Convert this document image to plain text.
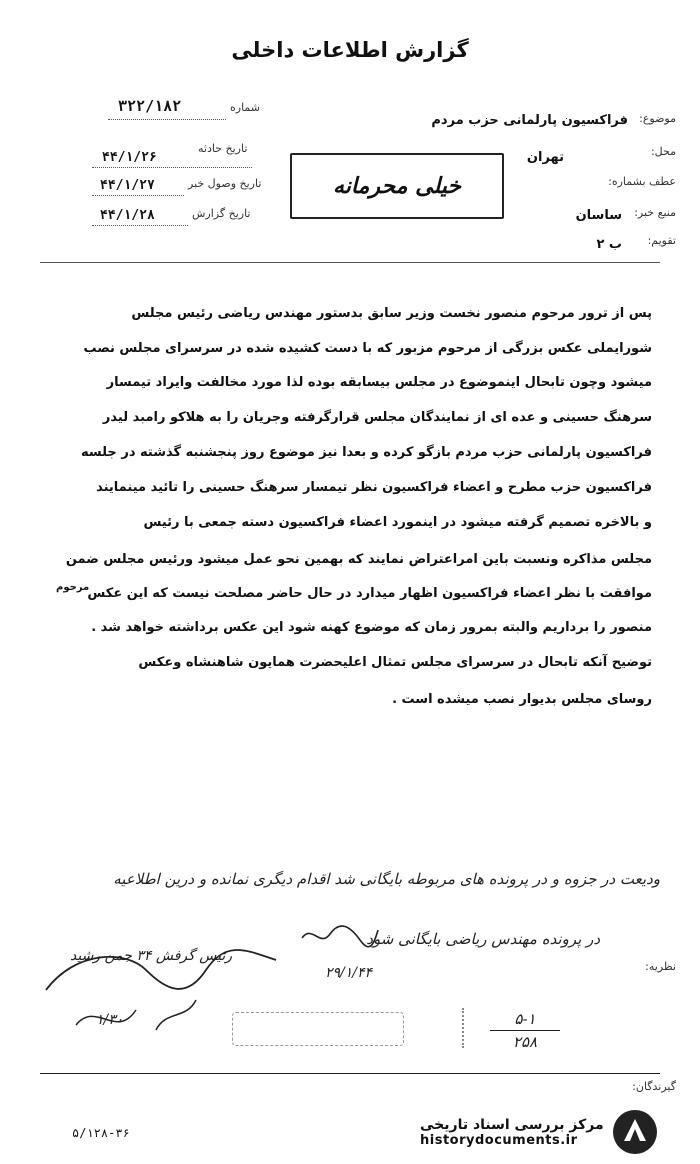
گزارش اطلاعات داخلی
موضوع:
فراکسیون پارلمانی حزب مردم
محل:
تهران
عطف بشماره:
منبع خبر:
ساسان
تقویم:
ب ۲
شماره
۳۲۲/۱۸۲
تاریخ حادثه
۴۴/۱/۲۶
تاریخ وصول خبر
۴۴/۱/۲۷
تاریخ گزارش
۴۴/۱/۲۸
خیلی محرمانه
پس از ترور مرحوم منصور نخست وزیر سابق بدستور مهندس ریاضی رئیس مجلس
شورایملی عکس بزرگی از مرحوم مزبور که با دست کشیده شده در سرسرای مجلس نصب
میشود وچون تابحال اینموضوع در مجلس بیسابقه بوده لذا مورد مخالفت وایراد تیمسار
سرهنگ حسینی و عده ای از نمایندگان مجلس قرارگرفته وجریان را به هلاکو رامبد لیدر
فراکسیون پارلمانی حزب مردم بازگو کرده و بعدا نیز موضوع روز پنجشنبه گذشته در جلسه
فراکسیون حزب مطرح و اعضاء فراکسیون نظر تیمسار سرهنگ حسینی را تائید مینمایند
و بالاخره تصمیم گرفته میشود در اینمورد اعضاء فراکسیون دسته جمعی با رئیس
مجلس مذاکره ونسبت باین امراعتراض نمایند که بهمین نحو عمل میشود ورئیس مجلس ضمن
موافقت با نظر اعضاء فراکسیون اظهار میدارد در حال حاضر مصلحت نیست که این عکس
منصور را برداریم والبته بمرور زمان که موضوع کهنه شود این عکس برداشته خواهد شد .
توضیح آنکه تابحال در سرسرای مجلس تمثال اعلیحضرت همایون شاهنشاه وعکس
روسای مجلس بدیوار نصب میشده است .
مرحوم
ودیعت در جزوه و در پرونده های مربوطه بایگانی شد اقدام دیگری نمانده و درین اطلاعیه
در پرونده مهندس ریاضی بایگانی شود
۲۹/۱/۴۴
رئیس گرفش ۳۴ جمن رشید
۱/۳۰
نظریه:
۵-۱
۲۵۸
گیرندگان:
۵/۱۲۸-۳۶
مرکز بررسی اسناد تاریخی
historydocuments.ir
